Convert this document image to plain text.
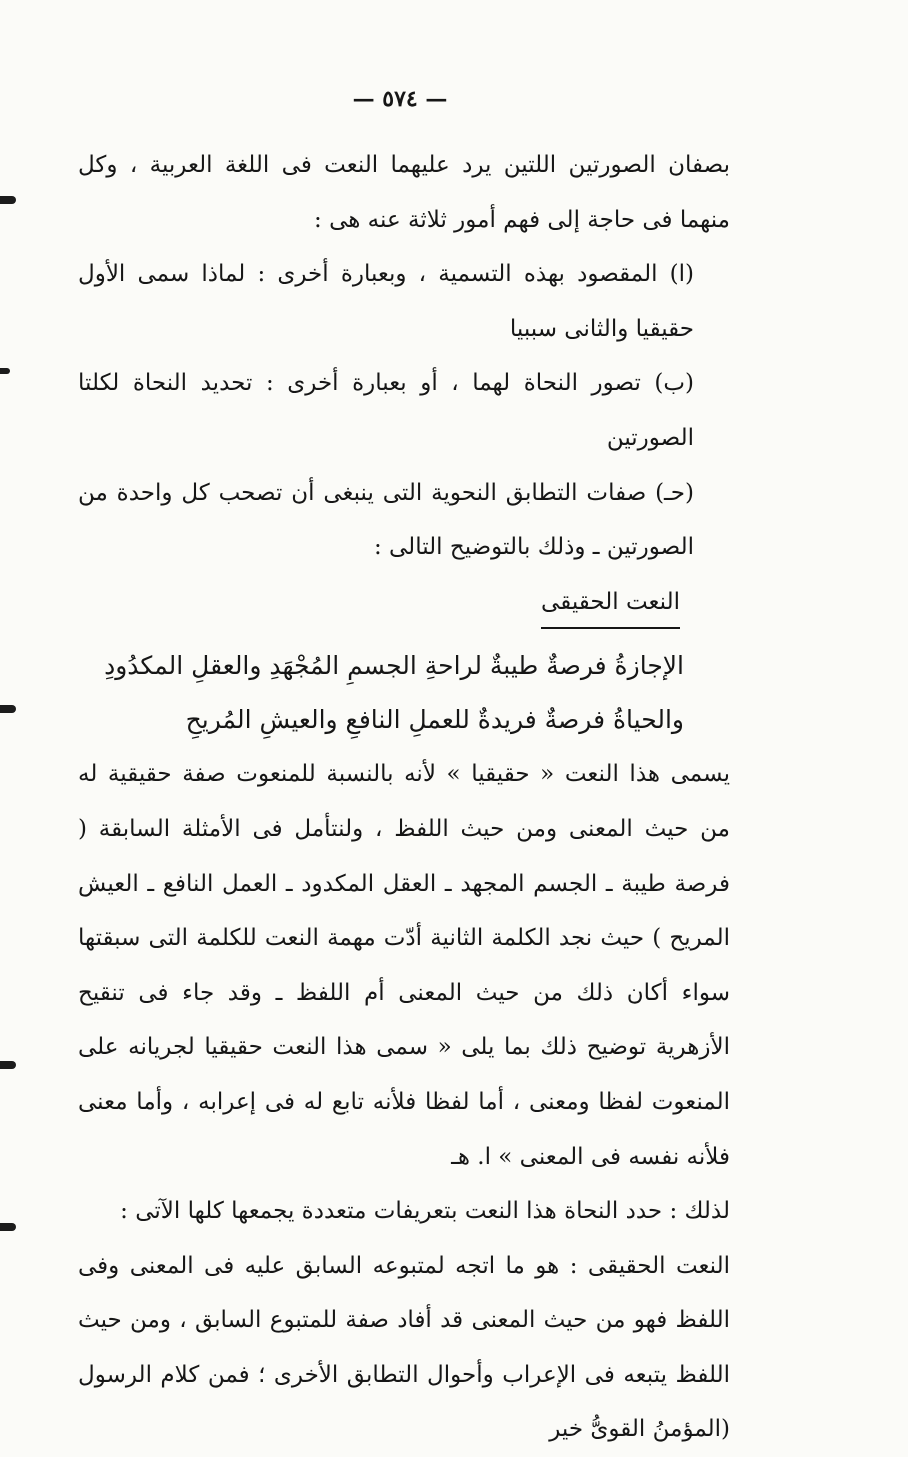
— ٥٧٤ —

بصفان الصورتين اللتين يرد عليهما النعت فى اللغة العربية ، وكل منهما فى حاجة إلى فهم أمور ثلاثة عنه هى :

(ا) المقصود بهذه التسمية ، وبعبارة أخرى : لماذا سمى الأول حقيقيا والثانى سببيا

(ب) تصور النحاة لهما ، أو بعبارة أخرى : تحديد النحاة لكلتا الصورتين

(حـ) صفات التطابق النحوية التى ينبغى أن تصحب كل واحدة من الصورتين ـ وذلك بالتوضيح التالى :

النعت الحقيقى

الإجازةُ فرصةٌ طيبةٌ لراحةِ الجسمِ المُجْهَدِ والعقلِ المكدُودِ
والحياةُ فرصةٌ فريدةٌ للعملِ النافعِ والعيشِ المُريحِ

يسمى هذا النعت « حقيقيا » لأنه بالنسبة للمنعوت صفة حقيقية له من حيث المعنى ومن حيث اللفظ ، ولنتأمل فى الأمثلة السابقة ( فرصة طيبة ـ الجسم المجهد ـ العقل المكدود ـ العمل النافع ـ العيش المريح ) حيث نجد الكلمة الثانية أدّت مهمة النعت للكلمة التى سبقتها سواء أكان ذلك من حيث المعنى أم اللفظ ـ وقد جاء فى تنقيح الأزهرية توضيح ذلك بما يلى « سمى هذا النعت حقيقيا لجريانه على المنعوت لفظا ومعنى ، أما لفظا فلأنه تابع له فى إعرابه ، وأما معنى فلأنه نفسه فى المعنى » ا. هـ

لذلك : حدد النحاة هذا النعت بتعريفات متعددة يجمعها كلها الآتى :

النعت الحقيقى : هو ما اتجه لمتبوعه السابق عليه فى المعنى وفى اللفظ فهو من حيث المعنى قد أفاد صفة للمتبوع السابق ، ومن حيث اللفظ يتبعه فى الإعراب وأحوال التطابق الأخرى ؛ فمن كلام الرسول (المؤمنُ القوىُّ خير
